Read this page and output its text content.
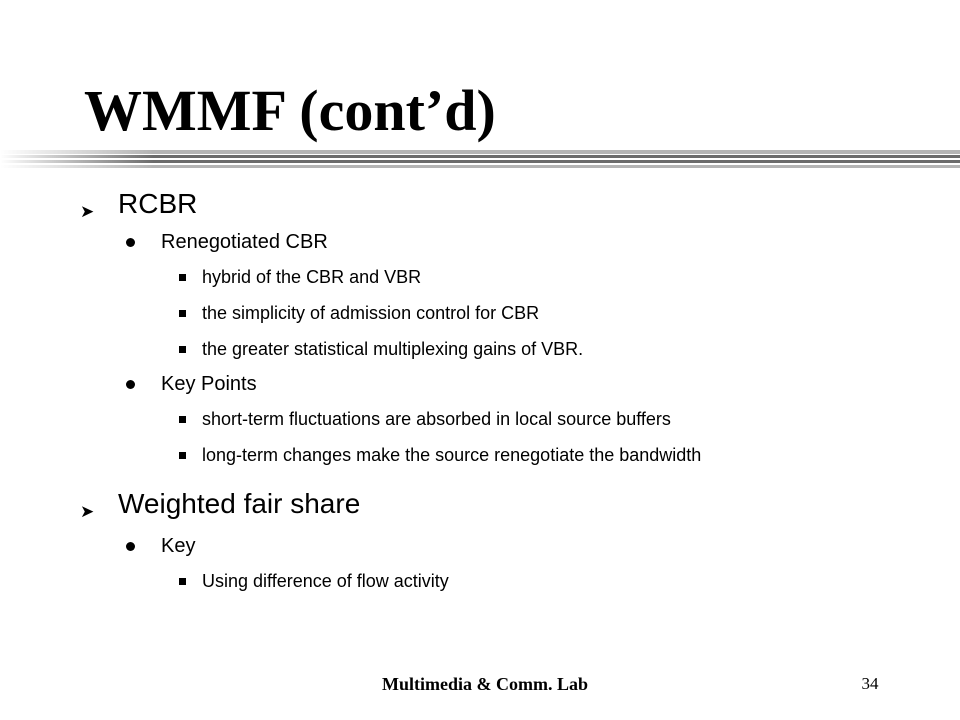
WMMF (cont’d)
➤ RCBR
Renegotiated CBR
hybrid of the CBR and VBR
the simplicity of admission control for CBR
the greater statistical multiplexing gains of VBR.
Key Points
short-term fluctuations are absorbed in local source buffers
long-term changes make the source renegotiate the bandwidth
➤ Weighted fair share
Key
Using difference of flow activity
Multimedia & Comm. Lab	34
